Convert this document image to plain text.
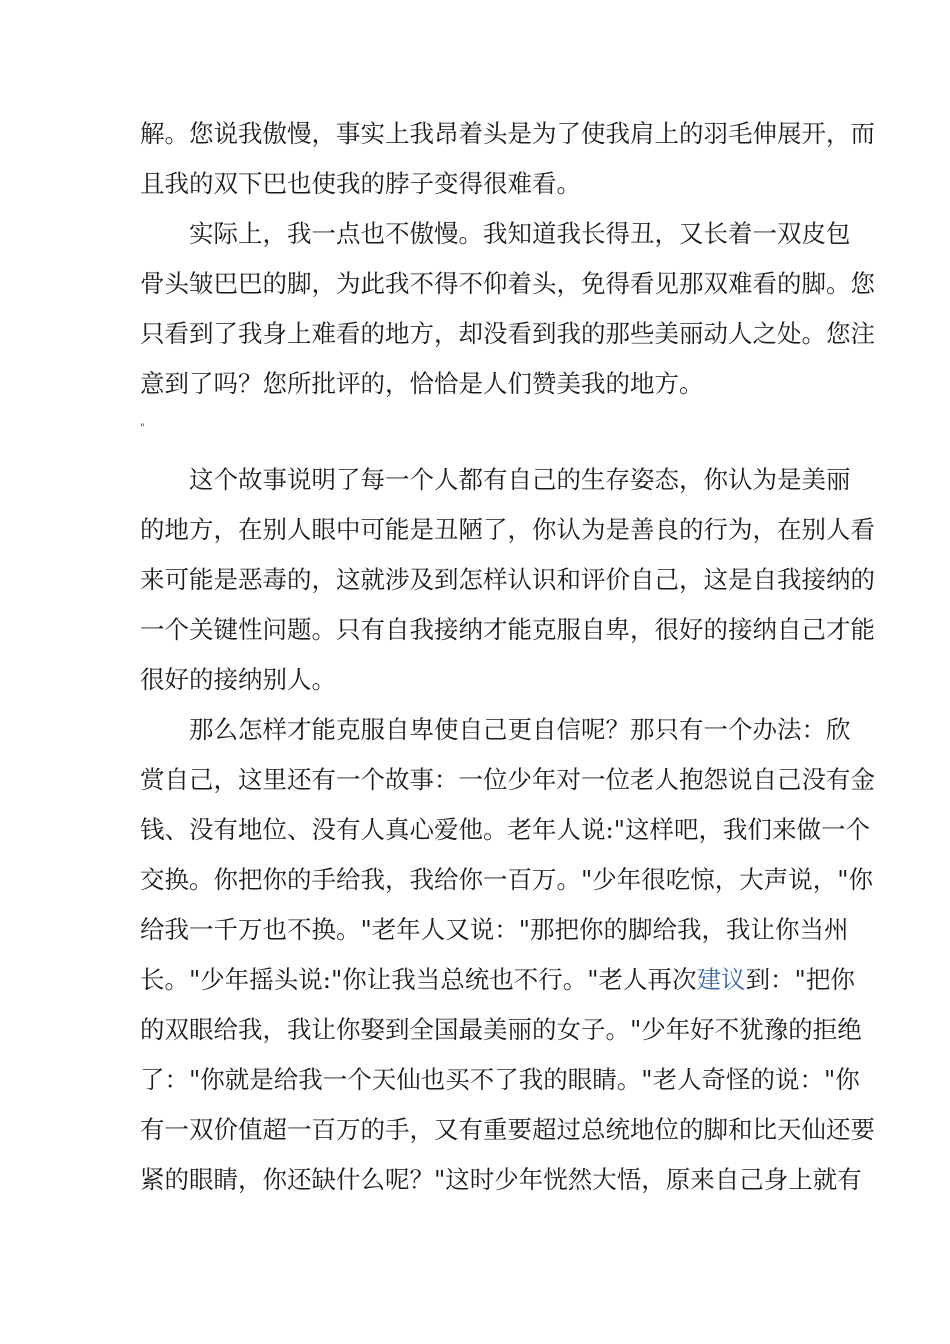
解。您说我傲慢，事实上我昂着头是为了使我肩上的羽毛伸展开，而
且我的双下巴也使我的脖子变得很难看。
实际上，我一点也不傲慢。我知道我长得丑，又长着一双皮包
骨头皱巴巴的脚，为此我不得不仰着头，免得看见那双难看的脚。您
只看到了我身上难看的地方，却没看到我的那些美丽动人之处。您注
意到了吗？您所批评的，恰恰是人们赞美我的地方。
"
这个故事说明了每一个人都有自己的生存姿态，你认为是美丽
的地方，在别人眼中可能是丑陋了，你认为是善良的行为，在别人看
来可能是恶毒的，这就涉及到怎样认识和评价自己，这是自我接纳的
一个关键性问题。只有自我接纳才能克服自卑，很好的接纳自己才能
很好的接纳别人。
那么怎样才能克服自卑使自己更自信呢？那只有一个办法：欣
赏自己，这里还有一个故事：一位少年对一位老人抱怨说自己没有金
钱、没有地位、没有人真心爱他。老年人说:"这样吧，我们来做一个
交换。你把你的手给我，我给你一百万。"少年很吃惊，大声说，"你
给我一千万也不换。"老年人又说："那把你的脚给我，我让你当州
长。"少年摇头说:"你让我当总统也不行。"老人再次建议到："把你
的双眼给我，我让你娶到全国最美丽的女子。"少年好不犹豫的拒绝
了："你就是给我一个天仙也买不了我的眼睛。"老人奇怪的说："你
有一双价值超一百万的手，又有重要超过总统地位的脚和比天仙还要
紧的眼睛，你还缺什么呢？"这时少年恍然大悟，原来自己身上就有
